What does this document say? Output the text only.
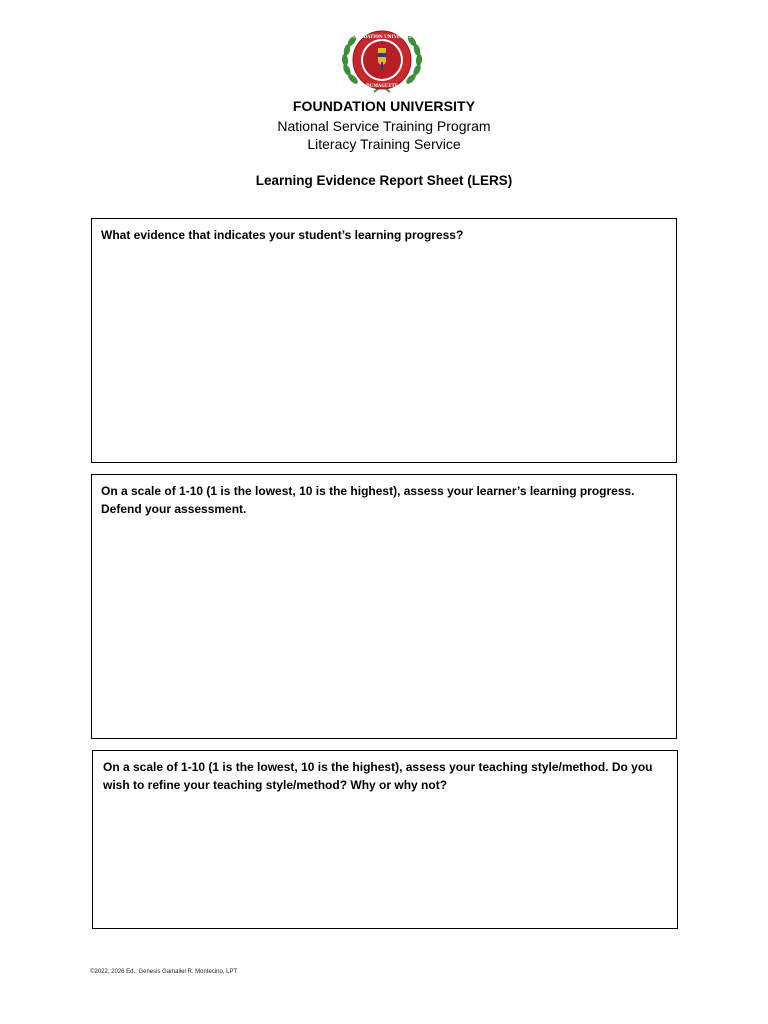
FOUNDATION UNIVERSITY
DUMAGUETE
FOUNDATION UNIVERSITY
National Service Training Program
Literacy Training Service
Learning Evidence Report Sheet (LERS)
What evidence that indicates your student’s learning progress?
On a scale of 1-10 (1 is the lowest, 10 is the highest), assess your learner’s learning progress. Defend your assessment.
On a scale of 1-10 (1 is the lowest, 10 is the highest), assess your teaching style/method. Do you wish to refine your teaching style/method? Why or why not?
©2022, 2026 Ed., Genesis Gamaliel R. Montecino, LPT
